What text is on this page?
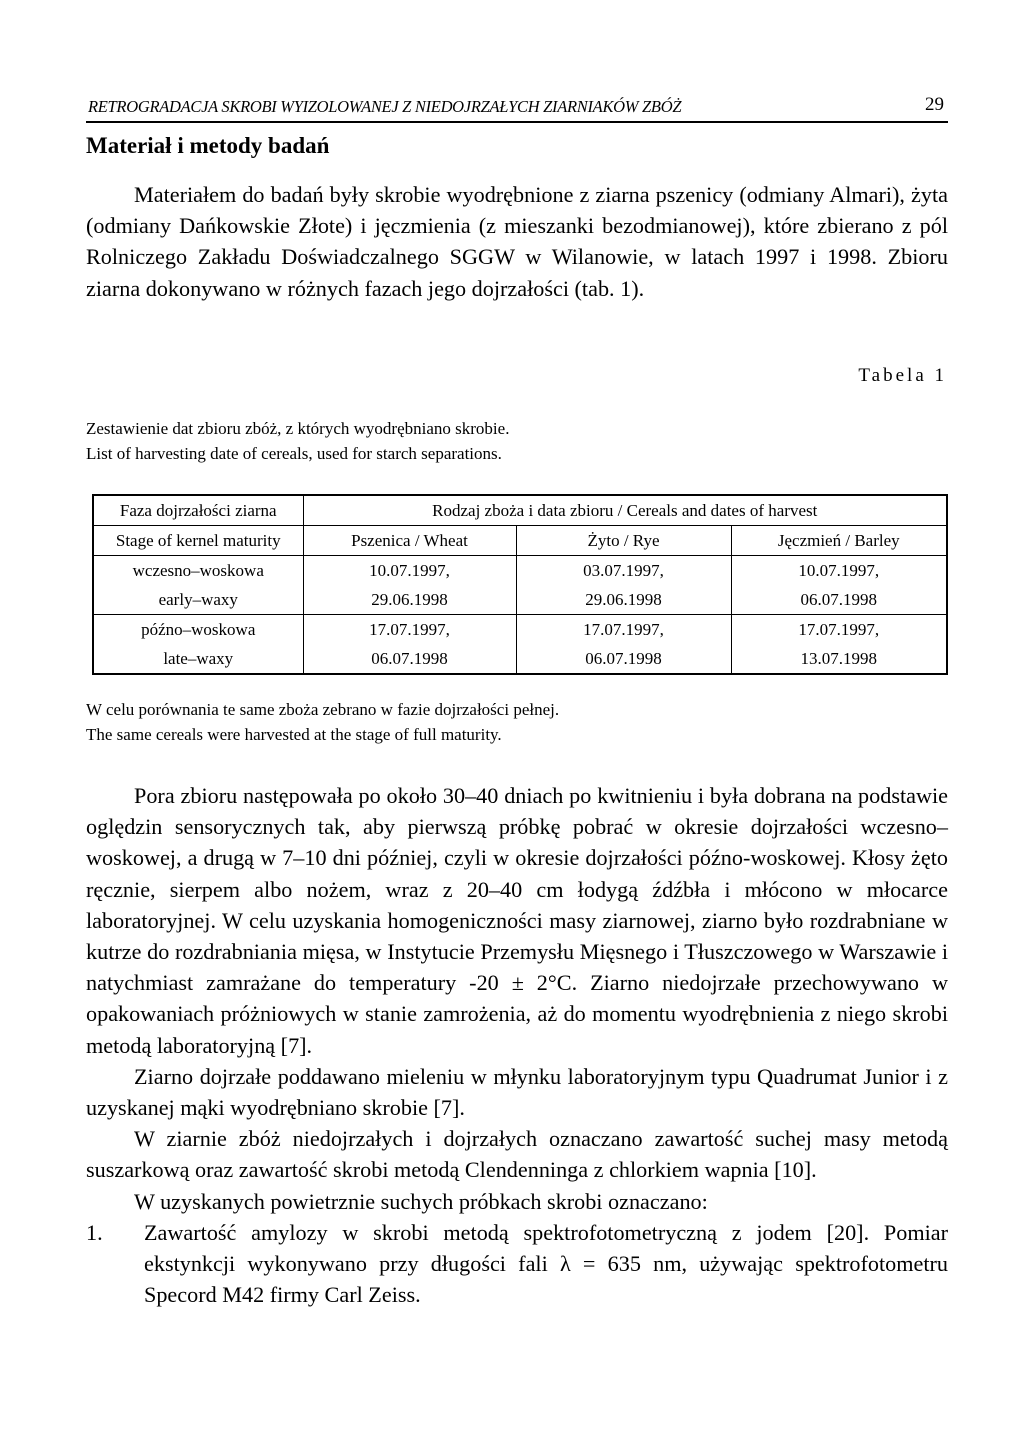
RETROGRADACJA SKROBI WYIZOLOWANEJ Z NIEDOJRZAŁYCH ZIARNIAKÓW ZBÓŻ	29
Materiał i metody badań

Materiałem do badań były skrobie wyodrębnione z ziarna pszenicy (odmiany Almari), żyta (odmiany Dańkowskie Złote) i jęczmienia (z mieszanki bezodmianowej), które zbierano z pól Rolniczego Zakładu Doświadczalnego SGGW w Wilanowie, w latach 1997 i 1998. Zbioru ziarna dokonywano w różnych fazach jego dojrzałości (tab. 1).

Tabela 1
Zestawienie dat zbioru zbóż, z których wyodrębniano skrobie.
List of harvesting date of cereals, used for starch separations.
Faza dojrzałości ziarna	Rodzaj zboża i data zbioru / Cereals and dates of harvest		
Stage of kernel maturity	Pszenica / Wheat	Żyto / Rye	Jęczmień / Barley
wczesno–woskowa	10.07.1997,	03.07.1997,	10.07.1997,
early–waxy	29.06.1998	29.06.1998	06.07.1998
późno–woskowa	17.07.1997,	17.07.1997,	17.07.1997,
late–waxy	06.07.1998	06.07.1998	13.07.1998
W celu porównania te same zboża zebrano w fazie dojrzałości pełnej.
The same cereals were harvested at the stage of full maturity.

Pora zbioru następowała po około 30–40 dniach po kwitnieniu i była dobrana na podstawie oględzin sensorycznych tak, aby pierwszą próbkę pobrać w okresie dojrzałości wczesno–woskowej, a drugą w 7–10 dni później, czyli w okresie dojrzałości późno-woskowej. Kłosy żęto ręcznie, sierpem albo nożem, wraz z 20–40 cm łodygą źdźbła i młócono w młocarce laboratoryjnej. W celu uzyskania homogeniczności masy ziarnowej, ziarno było rozdrabniane w kutrze do rozdrabniania mięsa, w Instytucie Przemysłu Mięsnego i Tłuszczowego w Warszawie i natychmiast zamrażane do temperatury -20 ± 2°C. Ziarno niedojrzałe przechowywano w opakowaniach próżniowych w stanie zamrożenia, aż do momentu wyodrębnienia z niego skrobi metodą laboratoryjną [7].

Ziarno dojrzałe poddawano mieleniu w młynku laboratoryjnym typu Quadrumat Junior i z uzyskanej mąki wyodrębniano skrobie [7].

W ziarnie zbóż niedojrzałych i dojrzałych oznaczano zawartość suchej masy metodą suszarkową oraz zawartość skrobi metodą Clendenninga z chlorkiem wapnia [10].

W uzyskanych powietrznie suchych próbkach skrobi oznaczano:

1.	Zawartość amylozy w skrobi metodą spektrofotometryczną z jodem [20]. Pomiar ekstynkcji wykonywano przy długości fali λ = 635 nm, używając spektrofotometru Specord M42 firmy Carl Zeiss.
